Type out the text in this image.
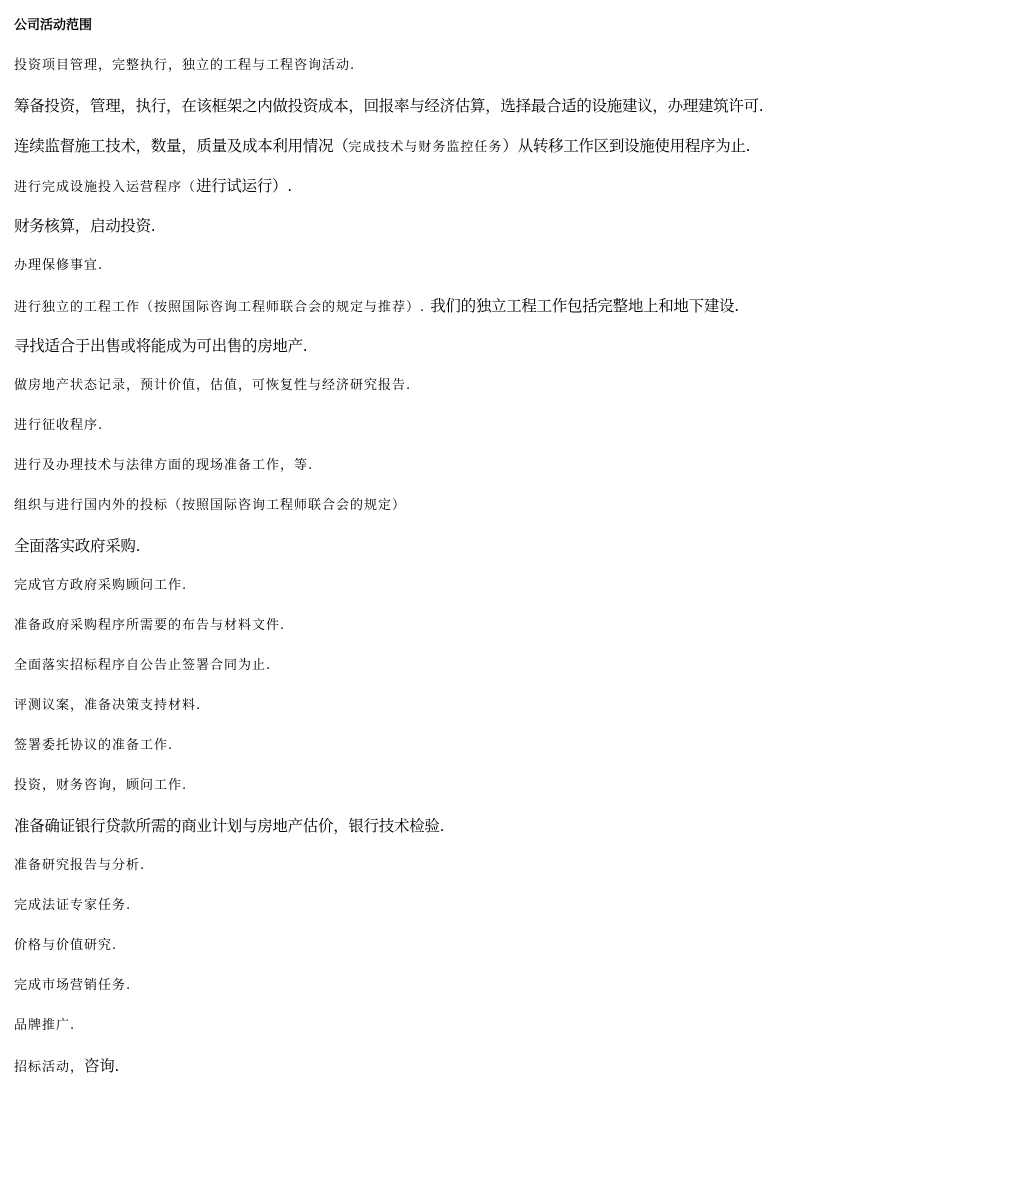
公司活动范围
投资项目管理，完整执行，独立的工程与工程咨询活动.
筹备投资，管理，执行，在该框架之内做投资成本，回报率与经济估算，选择最合适的设施建议，办理建筑许可.
连续监督施工技术，数量，质量及成本利用情况（完成技术与财务监控任务）从转移工作区到设施使用程序为止.
进行完成设施投入运营程序（进行试运行）.
财务核算，启动投资.
办理保修事宜.
进行独立的工程工作（按照国际咨询工程师联合会的规定与推荐）. 我们的独立工程工作包括完整地上和地下建设.
寻找适合于出售或将能成为可出售的房地产.
做房地产状态记录，预计价值，估值，可恢复性与经济研究报告.
进行征收程序.
进行及办理技术与法律方面的现场准备工作，等.
组织与进行国内外的投标（按照国际咨询工程师联合会的规定）
全面落实政府采购.
完成官方政府采购顾问工作.
准备政府采购程序所需要的布告与材料文件.
全面落实招标程序自公告止签署合同为止.
评测议案，准备决策支持材料.
签署委托协议的准备工作.
投资，财务咨询，顾问工作.
准备确证银行贷款所需的商业计划与房地产估价，银行技术检验.
准备研究报告与分析.
完成法证专家任务.
价格与价值研究.
完成市场营销任务.
品牌推广.
招标活动，咨询.
